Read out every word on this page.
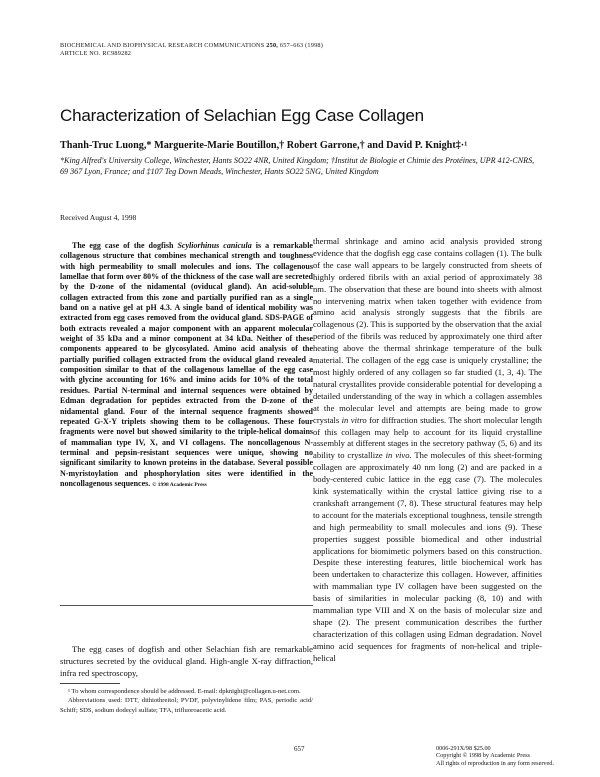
BIOCHEMICAL AND BIOPHYSICAL RESEARCH COMMUNICATIONS 250, 657–663 (1998)
ARTICLE NO. RC989282
Characterization of Selachian Egg Case Collagen
Thanh-Truc Luong,* Marguerite-Marie Boutillon,† Robert Garrone,† and David P. Knight‡·¹
*King Alfred's University College, Winchester, Hants SO22 4NR, United Kingdom; †Institut de Biologie et Chimie des Protéines, UPR 412-CNRS, 69 367 Lyon, France; and ‡107 Teg Down Meads, Winchester, Hants SO22 5NG, United Kingdom
Received August 4, 1998

The egg case of the dogfish Scyliorhinus canicula is a remarkable collagenous structure that combines mechanical strength and toughness with high permeability to small molecules and ions. The collagenous lamellae that form over 80% of the thickness of the case wall are secreted by the D-zone of the nidamental (oviducal gland). An acid-soluble collagen extracted from this zone and partially purified ran as a single band on a native gel at pH 4.3. A single band of identical mobility was extracted from egg cases removed from the oviducal gland. SDS-PAGE of both extracts revealed a major component with an apparent molecular weight of 35 kDa and a minor component at 34 kDa. Neither of these components appeared to be glycosylated. Amino acid analysis of the partially purified collagen extracted from the oviducal gland revealed a composition similar to that of the collagenous lamellae of the egg case with glycine accounting for 16% and imino acids for 10% of the total residues. Partial N-terminal and internal sequences were obtained by Edman degradation for peptides extracted from the D-zone of the nidamental gland. Four of the internal sequence fragments showed repeated G-X-Y triplets showing them to be collagenous. These four fragments were novel but showed similarity to the triple-helical domains of mammalian type IV, X, and VI collagens. The noncollagenous N-terminal and pepsin-resistant sequences were unique, showing no significant similarity to known proteins in the database. Several possible N-myristoylation and phosphorylation sites were identified in the noncollagenous sequences. © 1998 Academic Press

The egg cases of dogfish and other Selachian fish are remarkable structures secreted by the oviducal gland. High-angle X-ray diffraction, infra red spectroscopy,

¹ To whom correspondence should be addressed. E-mail: dpknight@collagen.u-net.com.

Abbreviations used: DTT, dithiothreitol; PVDF, polyvinylidene film; PAS, periodic acid/ Schiff; SDS, sodium dodecyl sulfate; TFA, trifluoroacetic acid.

thermal shrinkage and amino acid analysis provided strong evidence that the dogfish egg case contains collagen (1). The bulk of the case wall appears to be largely constructed from sheets of highly ordered fibrils with an axial period of approximately 38 nm. The observation that these are bound into sheets with almost no intervening matrix when taken together with evidence from amino acid analysis strongly suggests that the fibrils are collagenous (2). This is supported by the observation that the axial period of the fibrils was reduced by approximately one third after heating above the thermal shrinkage temperature of the bulk material. The collagen of the egg case is uniquely crystalline; the most highly ordered of any collagen so far studied (1, 3, 4). The natural crystallites provide considerable potential for developing a detailed understanding of the way in which a collagen assembles at the molecular level and attempts are being made to grow crystals in vitro for diffraction studies. The short molecular length of this collagen may help to account for its liquid crystalline assembly at different stages in the secretory pathway (5, 6) and its ability to crystallize in vivo. The molecules of this sheet-forming collagen are approximately 40 nm long (2) and are packed in a body-centered cubic lattice in the egg case (7). The molecules kink systematically within the crystal lattice giving rise to a crankshaft arrangement (7, 8). These structural features may help to account for the materials exceptional toughness, tensile strength and high permeability to small molecules and ions (9). These properties suggest possible biomedical and other industrial applications for biomimetic polymers based on this construction. Despite these interesting features, little biochemical work has been undertaken to characterize this collagen. However, affinities with mammalian type IV collagen have been suggested on the basis of similarities in molecular packing (8, 10) and with mammalian type VIII and X on the basis of molecular size and shape (2). The present communication describes the further characterization of this collagen using Edman degradation. Novel amino acid sequences for fragments of non-helical and triple-helical

657	0006-291X/98 $25.00
Copyright © 1998 by Academic Press
All rights of reproduction in any form reserved.
